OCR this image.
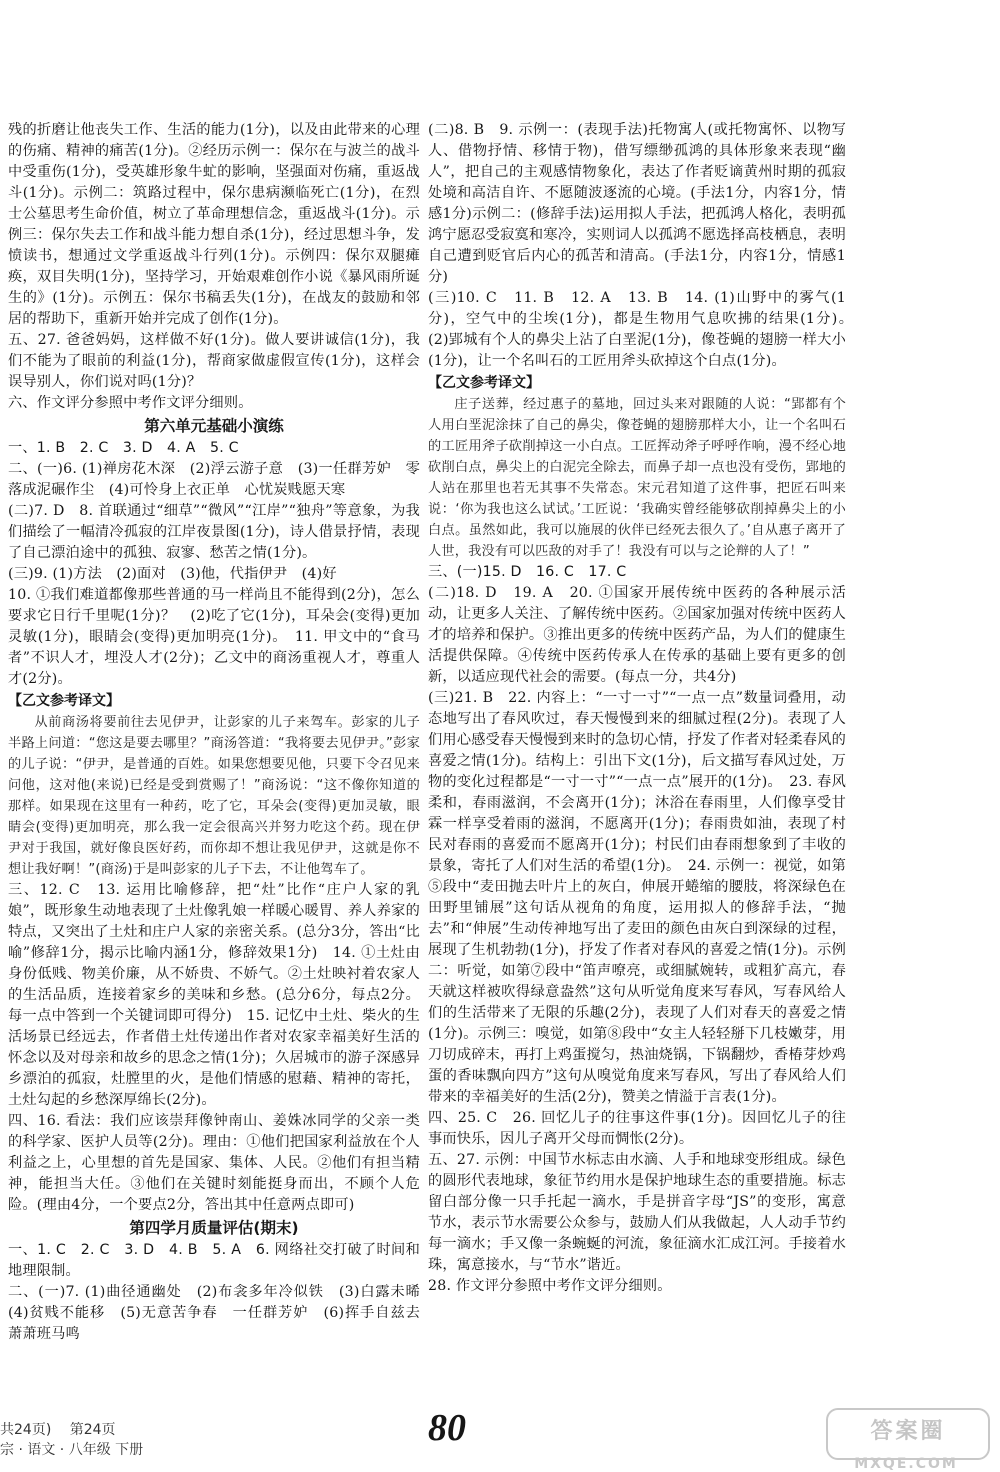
残的折磨让他丧失工作、生活的能力(1分)，以及由此带来的心理的伤痛、精神的痛苦(1分)。②经历示例一：保尔在与波兰的战斗中受重伤(1分)，受英雄形象牛虻的影响，坚强面对伤痛，重返战斗(1分)。示例二：筑路过程中，保尔患病濒临死亡(1分)，在烈士公墓思考生命价值，树立了革命理想信念，重返战斗(1分)。示例三：保尔失去工作和战斗能力想自杀(1分)，经过思想斗争，发愤读书，想通过文学重返战斗行列(1分)。示例四：保尔双腿瘫痪，双目失明(1分)，坚持学习，开始艰难创作小说《暴风雨所诞生的》(1分)。示例五：保尔书稿丢失(1分)，在战友的鼓励和邻居的帮助下，重新开始并完成了创作(1分)。

五、27. 爸爸妈妈，这样做不好(1分)。做人要讲诚信(1分)，我们不能为了眼前的利益(1分)，帮商家做虚假宣传(1分)，这样会误导别人，你们说对吗(1分)？

六、作文评分参照中考作文评分细则。

第六单元基础小演练

一、1. B　2. C　3. D　4. A　5. C

二、(一)6. (1)禅房花木深　(2)浮云游子意　(3)一任群芳妒　零落成泥碾作尘　(4)可怜身上衣正单　心忧炭贱愿天寒

(二)7. D　8. 首联通过“细草”“微风”“江岸”“独舟”等意象，为我们描绘了一幅清冷孤寂的江岸夜景图(1分)，诗人借景抒情，表现了自己漂泊途中的孤独、寂寥、愁苦之情(1分)。

(三)9. (1)方法　(2)面对　(3)他，代指伊尹　(4)好

10. ①我们难道都像那些普通的马一样尚且不能得到(2分)，怎么要求它日行千里呢(1分)？　(2)吃了它(1分)，耳朵会(变得)更加灵敏(1分)，眼睛会(变得)更加明亮(1分)。　11. 甲文中的“食马者”不识人才，埋没人才(2分)；乙文中的商汤重视人才，尊重人才(2分)。

【乙文参考译文】

从前商汤将要前往去见伊尹，让彭家的儿子来驾车。彭家的儿子半路上问道：“您这是要去哪里？”商汤答道：“我将要去见伊尹。”彭家的儿子说：“伊尹，是普通的百姓。如果您想要见他，只要下令召见来问他，这对他(来说)已经是受到赏赐了！”商汤说：“这不像你知道的那样。如果现在这里有一种药，吃了它，耳朵会(变得)更加灵敏，眼睛会(变得)更加明亮，那么我一定会很高兴并努力吃这个药。现在伊尹对于我国，就好像良医好药，而你却不想让我见伊尹，这就是你不想让我好啊！”(商汤)于是叫彭家的儿子下去，不让他驾车了。

三、12. C　13. 运用比喻修辞，把“灶”比作“庄户人家的乳娘”，既形象生动地表现了土灶像乳娘一样暖心暖胃、养人养家的特点，又突出了土灶和庄户人家的亲密关系。(总分3分，答出“比喻”修辞1分，揭示比喻内涵1分，修辞效果1分)　14. ①土灶由身份低贱、物美价廉，从不娇贵、不娇气。②土灶映衬着农家人的生活品质，连接着家乡的美味和乡愁。(总分6分，每点2分。每一点中答到一个关键词即可得分)　15. 记忆中土灶、柴火的生活场景已经远去，作者借土灶传递出作者对农家幸福美好生活的怀念以及对母亲和故乡的思念之情(1分)；久居城市的游子深感异乡漂泊的孤寂，灶膛里的火，是他们情感的慰藉、精神的寄托，土灶勾起的乡愁深厚绵长(2分)。

四、16. 看法：我们应该崇拜像钟南山、姜姝冰同学的父亲一类的科学家、医护人员等(2分)。理由：①他们把国家利益放在个人利益之上，心里想的首先是国家、集体、人民。②他们有担当精神，能担当大任。③他们在关键时刻能挺身而出，不顾个人危险。(理由4分，一个要点2分，答出其中任意两点即可)

第四学月质量评估(期末)

一、1. C　2. C　3. D　4. B　5. A　6. 网络社交打破了时间和地理限制。

二、(一)7. (1)曲径通幽处　(2)布衾多年冷似铁　(3)白露未晞　(4)贫贱不能移　(5)无意苦争春　一任群芳妒　(6)挥手自兹去　萧萧班马鸣

(二)8. B　9. 示例一：(表现手法)托物寓人(或托物寓怀、以物写人、借物抒情、移情于物)，借写缥缈孤鸿的具体形象来表现“幽人”，把自己的主观感情物象化，表达了作者贬谪黄州时期的孤寂处境和高洁自许、不愿随波逐流的心境。(手法1分，内容1分，情感1分)示例二：(修辞手法)运用拟人手法，把孤鸿人格化，表明孤鸿宁愿忍受寂寞和寒冷，实则词人以孤鸿不愿选择高枝栖息，表明自己遭到贬官后内心的孤苦和清高。(手法1分，内容1分，情感1分)

(三)10. C　11. B　12. A　13. B　14. (1)山野中的雾气(1分)，空气中的尘埃(1分)，都是生物用气息吹拂的结果(1分)。　(2)郢城有个人的鼻尖上沾了白垩泥(1分)，像苍蝇的翅膀一样大小(1分)，让一个名叫石的工匠用斧头砍掉这个白点(1分)。

【乙文参考译文】

庄子送葬，经过惠子的墓地，回过头来对跟随的人说：“郢都有个人用白垩泥涂抹了自己的鼻尖，像苍蝇的翅膀那样大小，让一个名叫石的工匠用斧子砍削掉这一小白点。工匠挥动斧子呼呼作响，漫不经心地砍削白点，鼻尖上的白泥完全除去，而鼻子却一点也没有受伤，郢地的人站在那里也若无其事不失常态。宋元君知道了这件事，把匠石叫来说：‘你为我也这么试试。’工匠说：‘我确实曾经能够砍削掉鼻尖上的小白点。虽然如此，我可以施展的伙伴已经死去很久了。’自从惠子离开了人世，我没有可以匹敌的对手了！我没有可以与之论辩的人了！”

三、(一)15. D　16. C　17. C

(二)18. D　19. A　20. ①国家开展传统中医药的各种展示活动，让更多人关注、了解传统中医药。②国家加强对传统中医药人才的培养和保护。③推出更多的传统中医药产品，为人们的健康生活提供保障。④传统中医药传承人在传承的基础上要有更多的创新，以适应现代社会的需要。(每点一分，共4分)

(三)21. B　22. 内容上：“一寸一寸”“一点一点”数量词叠用，动态地写出了春风吹过，春天慢慢到来的细腻过程(2分)。表现了人们用心感受春天慢慢到来时的急切心情，抒发了作者对轻柔春风的喜爱之情(1分)。结构上：引出下文(1分)，后文描写春风过处，万物的变化过程都是“一寸一寸”“一点一点”展开的(1分)。　23. 春风柔和，春雨滋润，不会离开(1分)；沐浴在春雨里，人们像享受甘霖一样享受着雨的滋润，不愿离开(1分)；春雨贵如油，表现了村民对春雨的喜爱而不愿离开(1分)；村民们由春雨想象到了丰收的景象，寄托了人们对生活的希望(1分)。　24. 示例一：视觉，如第⑤段中“麦田抛去叶片上的灰白，伸展开蜷缩的腰肢，将深绿色在田野里铺展”这句话从视角的角度，运用拟人的修辞手法，“抛去”和“伸展”生动传神地写出了麦田的颜色由灰白到深绿的过程，展现了生机勃勃(1分)，抒发了作者对春风的喜爱之情(1分)。示例二：听觉，如第⑦段中“笛声嘹亮，或细腻婉转，或粗犷高亢，春天就这样被吹得绿意盎然”这句从听觉角度来写春风，写春风给人们的生活带来了无限的乐趣(2分)，表现了人们对春天的喜爱之情(1分)。示例三：嗅觉，如第⑧段中“女主人轻轻掰下几枝嫩芽，用刀切成碎末，再打上鸡蛋搅匀，热油烧锅，下锅翻炒，香椿芽炒鸡蛋的香味飘向四方”这句从嗅觉角度来写春风，写出了春风给人们带来的幸福美好的生活(2分)，赞美之情溢于言表(1分)。

四、25. C　26. 回忆儿子的往事这件事(1分)。因回忆儿子的往事而快乐，因儿子离开父母而惆怅(2分)。

五、27. 示例：中国节水标志由水滴、人手和地球变形组成。绿色的圆形代表地球，象征节约用水是保护地球生态的重要措施。标志留白部分像一只手托起一滴水，手是拼音字母“JS”的变形，寓意节水，表示节水需要公众参与，鼓励人们从我做起，人人动手节约每一滴水；手又像一条蜿蜒的河流，象征滴水汇成江河。手接着水珠，寓意接水，与“节水”谐近。

28. 作文评分参照中考作文评分细则。

共24页)　 第24页
宗 · 语文 · 八年级 下册
80	答案圈
MXQE.COM
